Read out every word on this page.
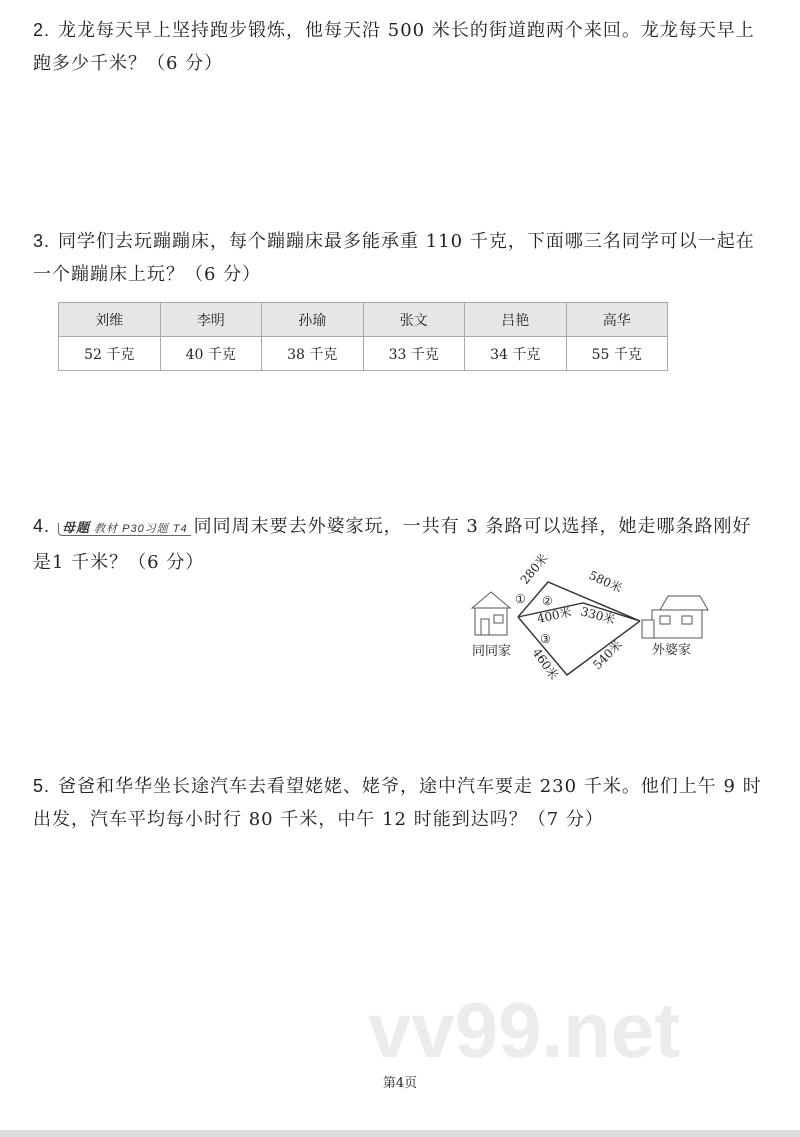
2. 龙龙每天早上坚持跑步锻炼，他每天沿 500 米长的街道跑两个来回。龙龙每天早上跑多少千米？（6 分）
3. 同学们去玩蹦蹦床，每个蹦蹦床最多能承重 110 千克，下面哪三名同学可以一起在一个蹦蹦床上玩？（6 分）
刘维	李明	孙瑜	张文	吕艳	高华
52 千克	40 千克	38 千克	33 千克	34 千克	55 千克
4. 母题 教材 P30习题 T4 同同周末要去外婆家玩，一共有 3 条路可以选择，她走哪条路刚好是1 千米？（6 分）
同同家	外婆家
① ②
③
280米	580米
400米 330米
460米 540米
5. 爸爸和华华坐长途汽车去看望姥姥、姥爷，途中汽车要走 230 千米。他们上午 9 时出发，汽车平均每小时行 80 千米，中午 12 时能到达吗？（7 分）
vv99.net
第4页
